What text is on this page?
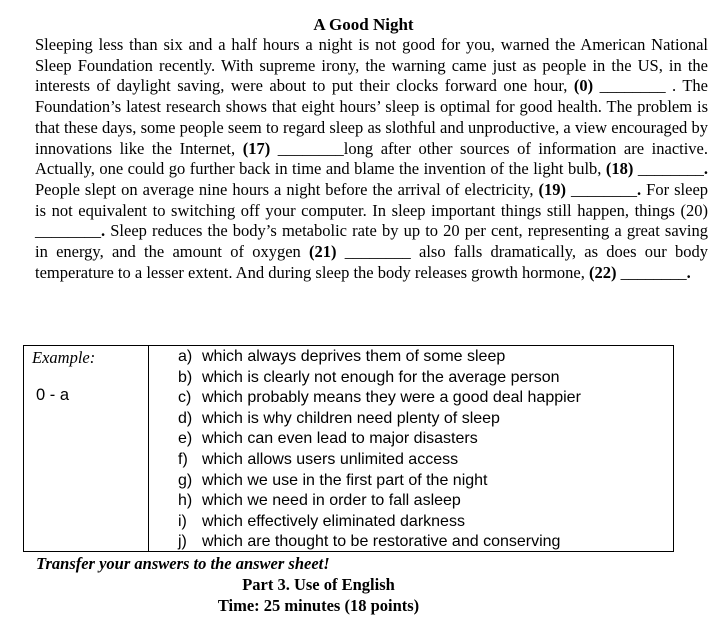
A Good Night

Sleeping less than six and a half hours a night is not good for you, warned the American National Sleep Foundation recently. With supreme irony, the warning came just as people in the US, in the interests of daylight saving, were about to put their clocks forward one hour, (0) ________ . The Foundation’s latest research shows that eight hours’ sleep is optimal for good health. The problem is that these days, some people seem to regard sleep as slothful and unproductive, a view encouraged by innovations like the Internet, (17) ________long after other sources of information are inactive. Actually, one could go further back in time and blame the invention of the light bulb, (18) ________. People slept on average nine hours a night before the arrival of electricity, (19) ________. For sleep is not equivalent to switching off your computer. In sleep important things still happen, things (20) ________. Sleep reduces the body’s metabolic rate by up to 20 per cent, representing a great saving in energy, and the amount of oxygen (21) ________ also falls dramatically, as does our body temperature to a lesser extent. And during sleep the body releases growth hormone, (22) ________.

Example:
0 - a
a) which always deprives them of some sleep
b) which is clearly not enough for the average person
c) which probably means they were a good deal happier
d) which is why children need plenty of sleep
e) which can even lead to major disasters
f) which allows users unlimited access
g) which we use in the first part of the night
h) which we need in order to fall asleep
i) which effectively eliminated darkness
j) which are thought to be restorative and conserving
Transfer your answers to the answer sheet!
Part 3. Use of English
Time: 25 minutes (18 points)
